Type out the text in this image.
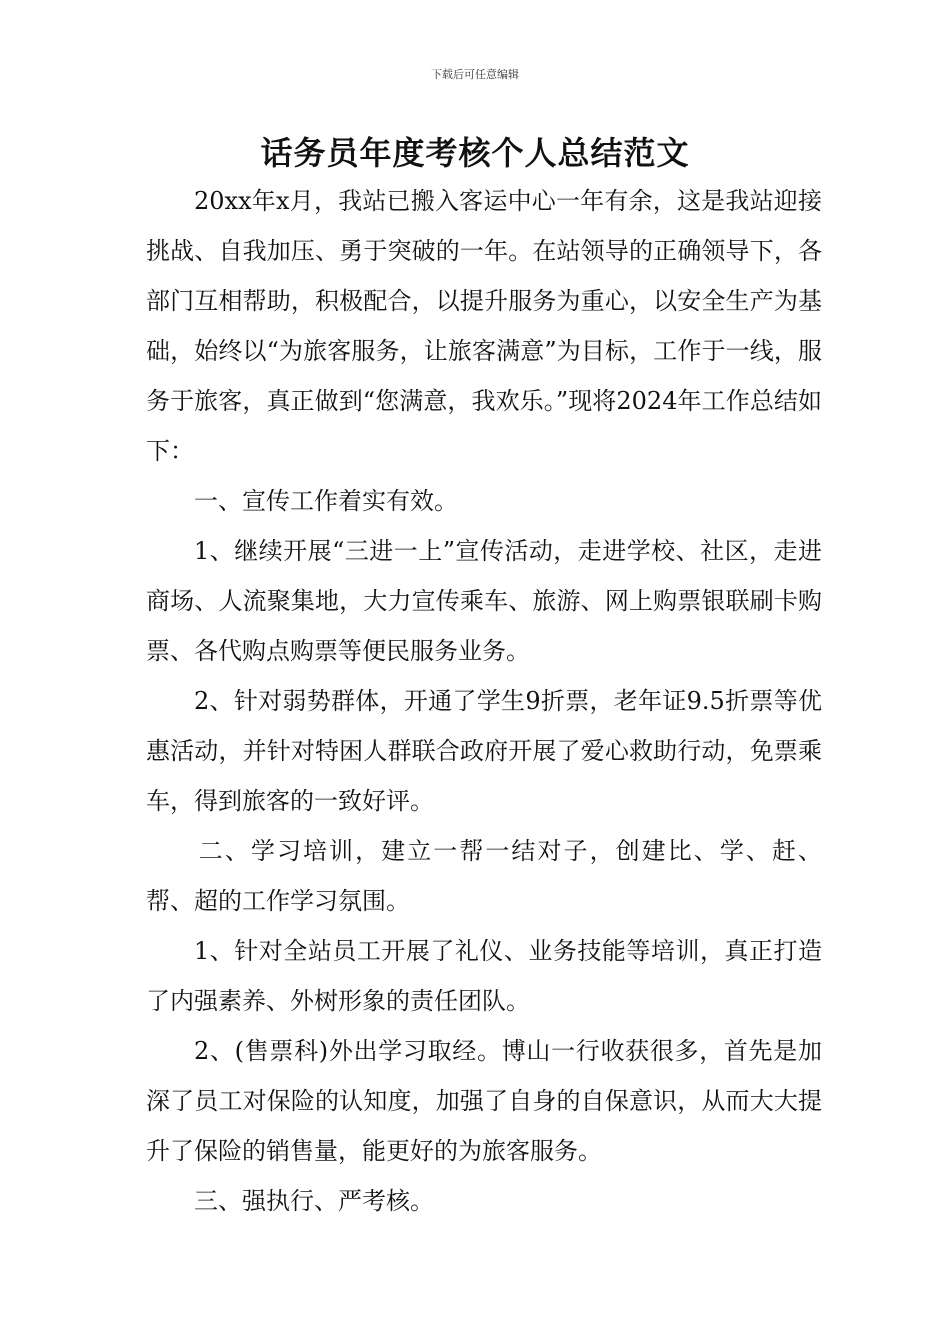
下载后可任意编辑
话务员年度考核个人总结范文

20xx年x月，我站已搬入客运中心一年有余，这是我站迎接挑战、自我加压、勇于突破的一年。在站领导的正确领导下，各部门互相帮助，积极配合，以提升服务为重心，以安全生产为基础，始终以“为旅客服务，让旅客满意”为目标，工作于一线，服务于旅客，真正做到“您满意，我欢乐。”现将2024年工作总结如下：

一、宣传工作着实有效。

1、继续开展“三进一上”宣传活动，走进学校、社区，走进商场、人流聚集地，大力宣传乘车、旅游、网上购票银联刷卡购票、各代购点购票等便民服务业务。

2、针对弱势群体，开通了学生9折票，老年证9.5折票等优惠活动，并针对特困人群联合政府开展了爱心救助行动，免票乘车，得到旅客的一致好评。

二、学习培训，建立一帮一结对子，创建比、学、赶、帮、超的工作学习氛围。

1、针对全站员工开展了礼仪、业务技能等培训，真正打造了内强素养、外树形象的责任团队。

2、(售票科)外出学习取经。博山一行收获很多，首先是加深了员工对保险的认知度，加强了自身的自保意识，从而大大提升了保险的销售量，能更好的为旅客服务。

三、强执行、严考核。
